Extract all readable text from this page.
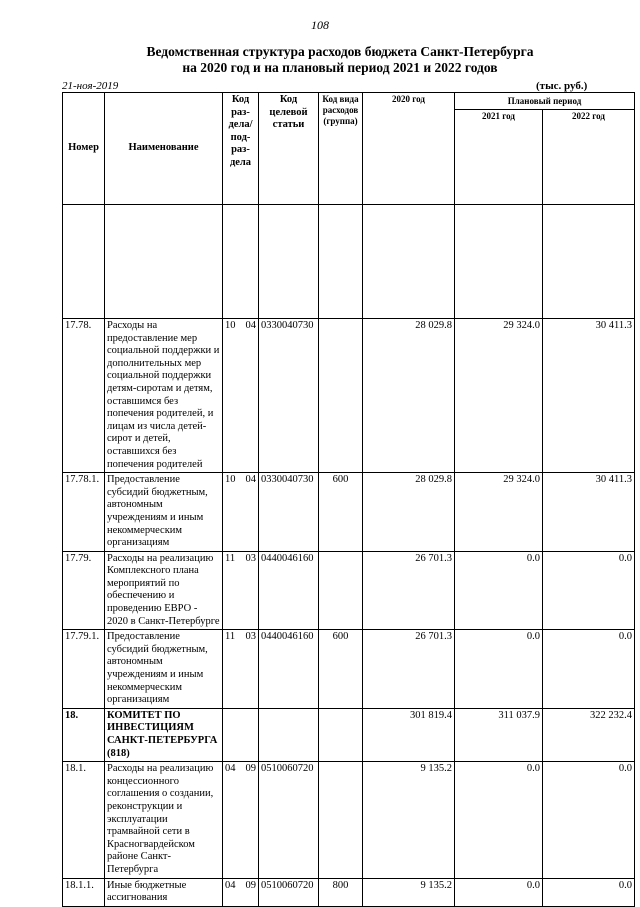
108
Ведомственная структура расходов бюджета Санкт-Петербурга
на 2020 год и на плановый период 2021 и 2022 годов
21-ноя-2019	(тыс. руб.)
Номер	Наименование	Код раз-дела/ под-раз-дела	Код целевой статьи	Код вида расходов (группа)	2020 год	Плановый период	
						2021 год	2022 год

17.78.	Расходы на предоставление мер социальной поддержки и дополнительных мер социальной поддержки детям-сиротам и детям, оставшимся без попечения родителей, и лицам из числа детей-сирот и детей, оставшихся без попечения родителей	10 04	0330040730		28 029.8	29 324.0	30 411.3
17.78.1.	Предоставление субсидий бюджетным, автономным учреждениям и иным некоммерческим организациям	10 04	0330040730	600	28 029.8	29 324.0	30 411.3
17.79.	Расходы на реализацию Комплексного плана мероприятий по обеспечению и проведению ЕВРО - 2020 в Санкт-Петербурге	11 03	0440046160		26 701.3	0.0	0.0
17.79.1.	Предоставление субсидий бюджетным, автономным учреждениям и иным некоммерческим организациям	11 03	0440046160	600	26 701.3	0.0	0.0
18.	КОМИТЕТ ПО ИНВЕСТИЦИЯМ САНКТ-ПЕТЕРБУРГА (818)				301 819.4	311 037.9	322 232.4
18.1.	Расходы на реализацию концессионного соглашения о создании, реконструкции и эксплуатации трамвайной сети в Красногвардейском районе Санкт-Петербурга	04 09	0510060720		9 135.2	0.0	0.0
18.1.1.	Иные бюджетные ассигнования	04 09	0510060720	800	9 135.2	0.0	0.0
